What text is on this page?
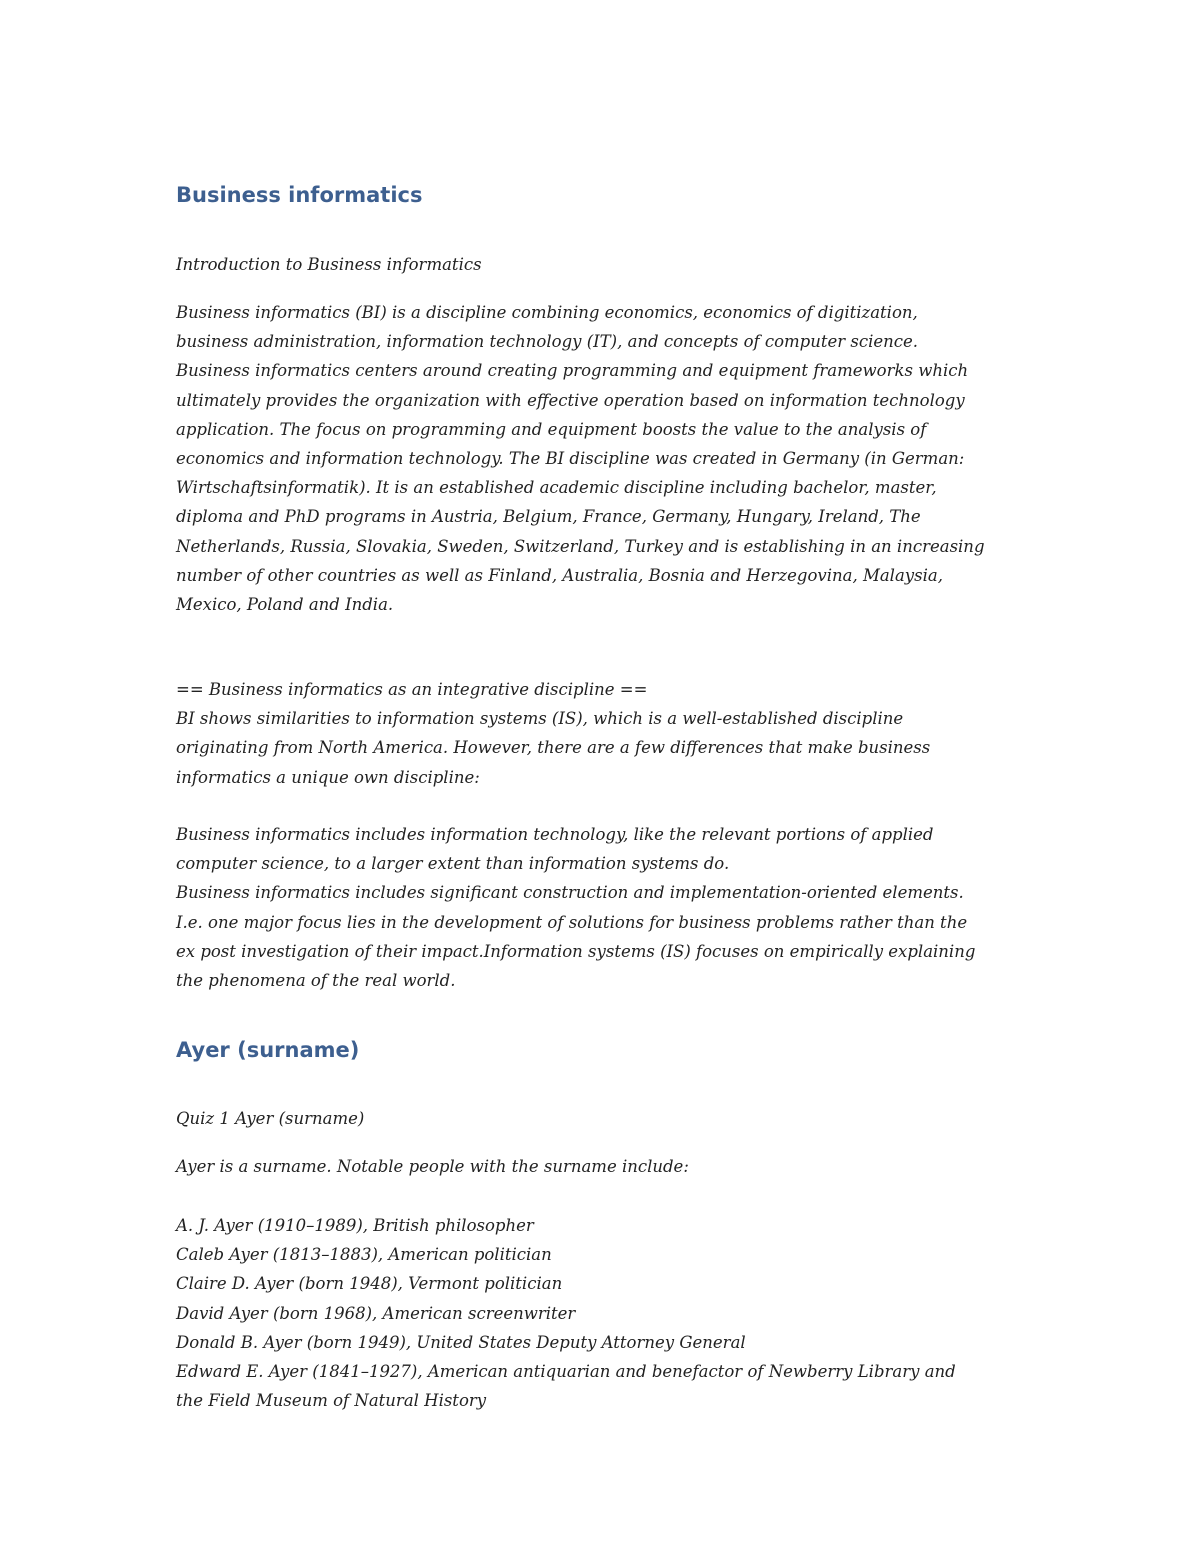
Business informatics

Introduction to Business informatics

Business informatics (BI) is a discipline combining economics, economics of digitization,

business administration, information technology (IT), and concepts of computer science.

Business informatics centers around creating programming and equipment frameworks which

ultimately provides the organization with effective operation based on information technology

application. The focus on programming and equipment boosts the value to the analysis of

economics and information technology. The BI discipline was created in Germany (in German:

Wirtschaftsinformatik). It is an established academic discipline including bachelor, master,

diploma and PhD programs in Austria, Belgium, France, Germany, Hungary, Ireland, The

Netherlands, Russia, Slovakia, Sweden, Switzerland, Turkey and is establishing in an increasing

number of other countries as well as Finland, Australia, Bosnia and Herzegovina, Malaysia,

Mexico, Poland and India.

== Business informatics as an integrative discipline ==

BI shows similarities to information systems (IS), which is a well-established discipline

originating from North America. However, there are a few differences that make business

informatics a unique own discipline:

Business informatics includes information technology, like the relevant portions of applied

computer science, to a larger extent than information systems do.

Business informatics includes significant construction and implementation-oriented elements.

I.e. one major focus lies in the development of solutions for business problems rather than the

ex post investigation of their impact.Information systems (IS) focuses on empirically explaining

the phenomena of the real world.

Ayer (surname)

Quiz 1 Ayer (surname)

Ayer is a surname. Notable people with the surname include:

A. J. Ayer (1910–1989), British philosopher

Caleb Ayer (1813–1883), American politician

Claire D. Ayer (born 1948), Vermont politician

David Ayer (born 1968), American screenwriter

Donald B. Ayer (born 1949), United States Deputy Attorney General

Edward E. Ayer (1841–1927), American antiquarian and benefactor of Newberry Library and

the Field Museum of Natural History
